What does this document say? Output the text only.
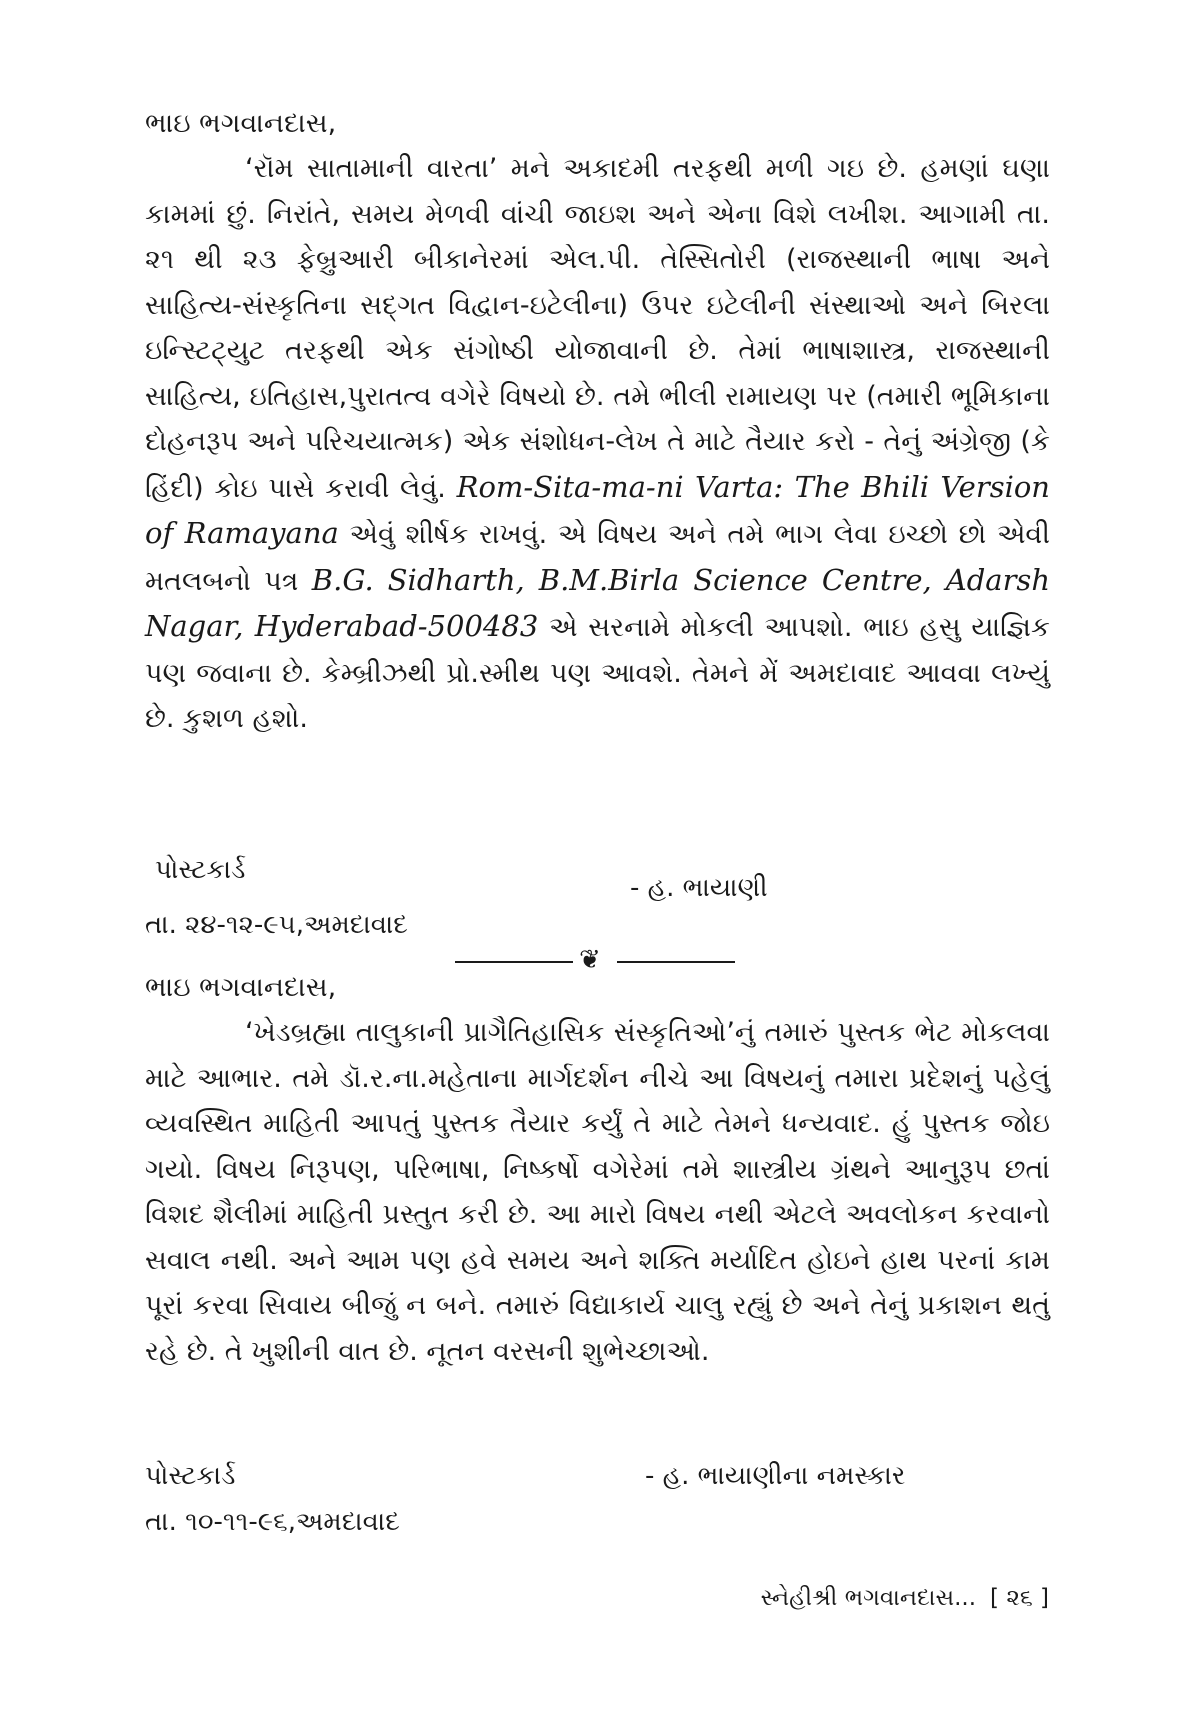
ભાઇ ભગવાનદાસ,

‘રૉમ સાતામાની વારતા’ મને અકાદમી તરફથી મળી ગઇ છે. હમણાં ઘણા કામમાં છું. નિરાંતે, સમય મેળવી વાંચી જાઇશ અને એના વિશે લખીશ. આગામી તા. ૨૧ થી ૨૩ ફેબ્રુઆરી બીકાનેરમાં એલ.પી. તેસ્સિતોરી (રાજસ્થાની ભાષા અને સાહિત્ય-સંસ્કૃતિના સદ્ગત વિદ્વાન-ઇટેલીના) ઉપર ઇટેલીની સંસ્થાઓ અને બિરલા ઇન્સ્ટિટ્યુટ તરફથી એક સંગોષ્ઠી યોજાવાની છે. તેમાં ભાષાશાસ્ત્ર, રાજસ્થાની સાહિત્ય, ઇતિહાસ,પુરાતત્વ વગેરે વિષયો છે. તમે ભીલી રામાયણ પર (તમારી ભૂમિકાના દોહનરૂપ અને પરિચયાત્મક) એક સંશોધન-લેખ તે માટે તૈયાર કરો - તેનું અંગ્રેજી (કે હિંદી) કોઇ પાસે કરાવી લેવું. Rom-Sita-ma-ni Varta: The Bhili Version of Ramayana એવું શીર્ષક રાખવું. એ વિષય અને તમે ભાગ લેવા ઇચ્છો છો એવી મતલબનો પત્ર B.G. Sidharth, B.M.Birla Science Centre, Adarsh Nagar, Hyderabad-500483 એ સરનામે મોકલી આપશો. ભાઇ હસુ યાજ્ઞિક પણ જવાના છે. કેમ્બ્રીઝથી પ્રો.સ્મીથ પણ આવશે. તેમને મેં અમદાવાદ આવવા લખ્યું છે. કુશળ હશો.

પોસ્ટકાર્ડ
- હ. ભાયાણી
તા. ૨૪-૧૨-૯૫,અમદાવાદ
❦

ભાઇ ભગવાનદાસ,

‘ખેડબ્રહ્મા તાલુકાની પ્રાગૈતિહાસિક સંસ્કૃતિઓ’નું તમારું પુસ્તક ભેટ મોકલવા માટે આભાર. તમે ડૉ.ર.ના.મહેતાના માર્ગદર્શન નીચે આ વિષયનું તમારા પ્રદેશનું પહેલું વ્યવસ્થિત માહિતી આપતું પુસ્તક તૈયાર કર્યું તે માટે તેમને ધન્યવાદ. હું પુસ્તક જોઇ ગયો. વિષય નિરૂપણ, પરિભાષા, નિષ્કર્ષો વગેરેમાં તમે શાસ્ત્રીય ગ્રંથને આનુરૂપ છતાં વિશદ શૈલીમાં માહિતી પ્રસ્તુત કરી છે. આ મારો વિષય નથી એટલે અવલોકન કરવાનો સવાલ નથી. અને આમ પણ હવે સમય અને શક્તિ મર્યાદિત હોઇને હાથ પરનાં કામ પૂરાં કરવા સિવાય બીજું ન બને. તમારું વિદ્યાકાર્ય ચાલુ રહ્યું છે અને તેનું પ્રકાશન થતું રહે છે. તે ખુશીની વાત છે. નૂતન વરસની શુભેચ્છાઓ.

પોસ્ટકાર્ડ	- હ. ભાયાણીના નમસ્કાર
તા. ૧૦-૧૧-૯૬,અમદાવાદ
સ્નેહીશ્રી ભગવાનદાસ... [ ૨૬ ]
